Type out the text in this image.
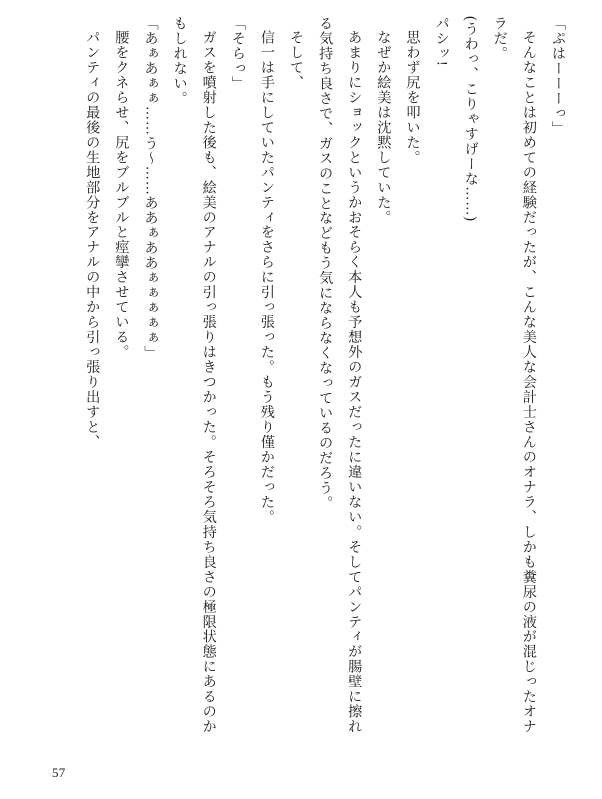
「ぷはーーーっ」

そんなことは初めての経験だったが、こんな美人な会計士さんのオナラ、しかも糞尿の液が混じったオナラだ。

(うわっ、こりゃすげーな……)

パシッ!

思わず尻を叩いた。

なぜか絵美は沈黙していた。

あまりにショックというかおそらく本人も予想外のガスだったに違いない。そしてパンティが腸壁に擦れる気持ち良さで、ガスのことなどもう気にならなくなっているのだろう。

そして、

信一は手にしていたパンティをさらに引っ張った。もう残り僅かだった。

「そらっ」

ガスを噴射した後も、絵美のアナルの引っ張りはきつかった。そろそろ気持ち良さの極限状態にあるのかもしれない。

「あぁあぁぁ……う～……ああぁああぁぁぁぁぁ」

腰をクネらせ、尻をブルブルと痙攣させている。

パンティの最後の生地部分をアナルの中から引っ張り出すと、

57
